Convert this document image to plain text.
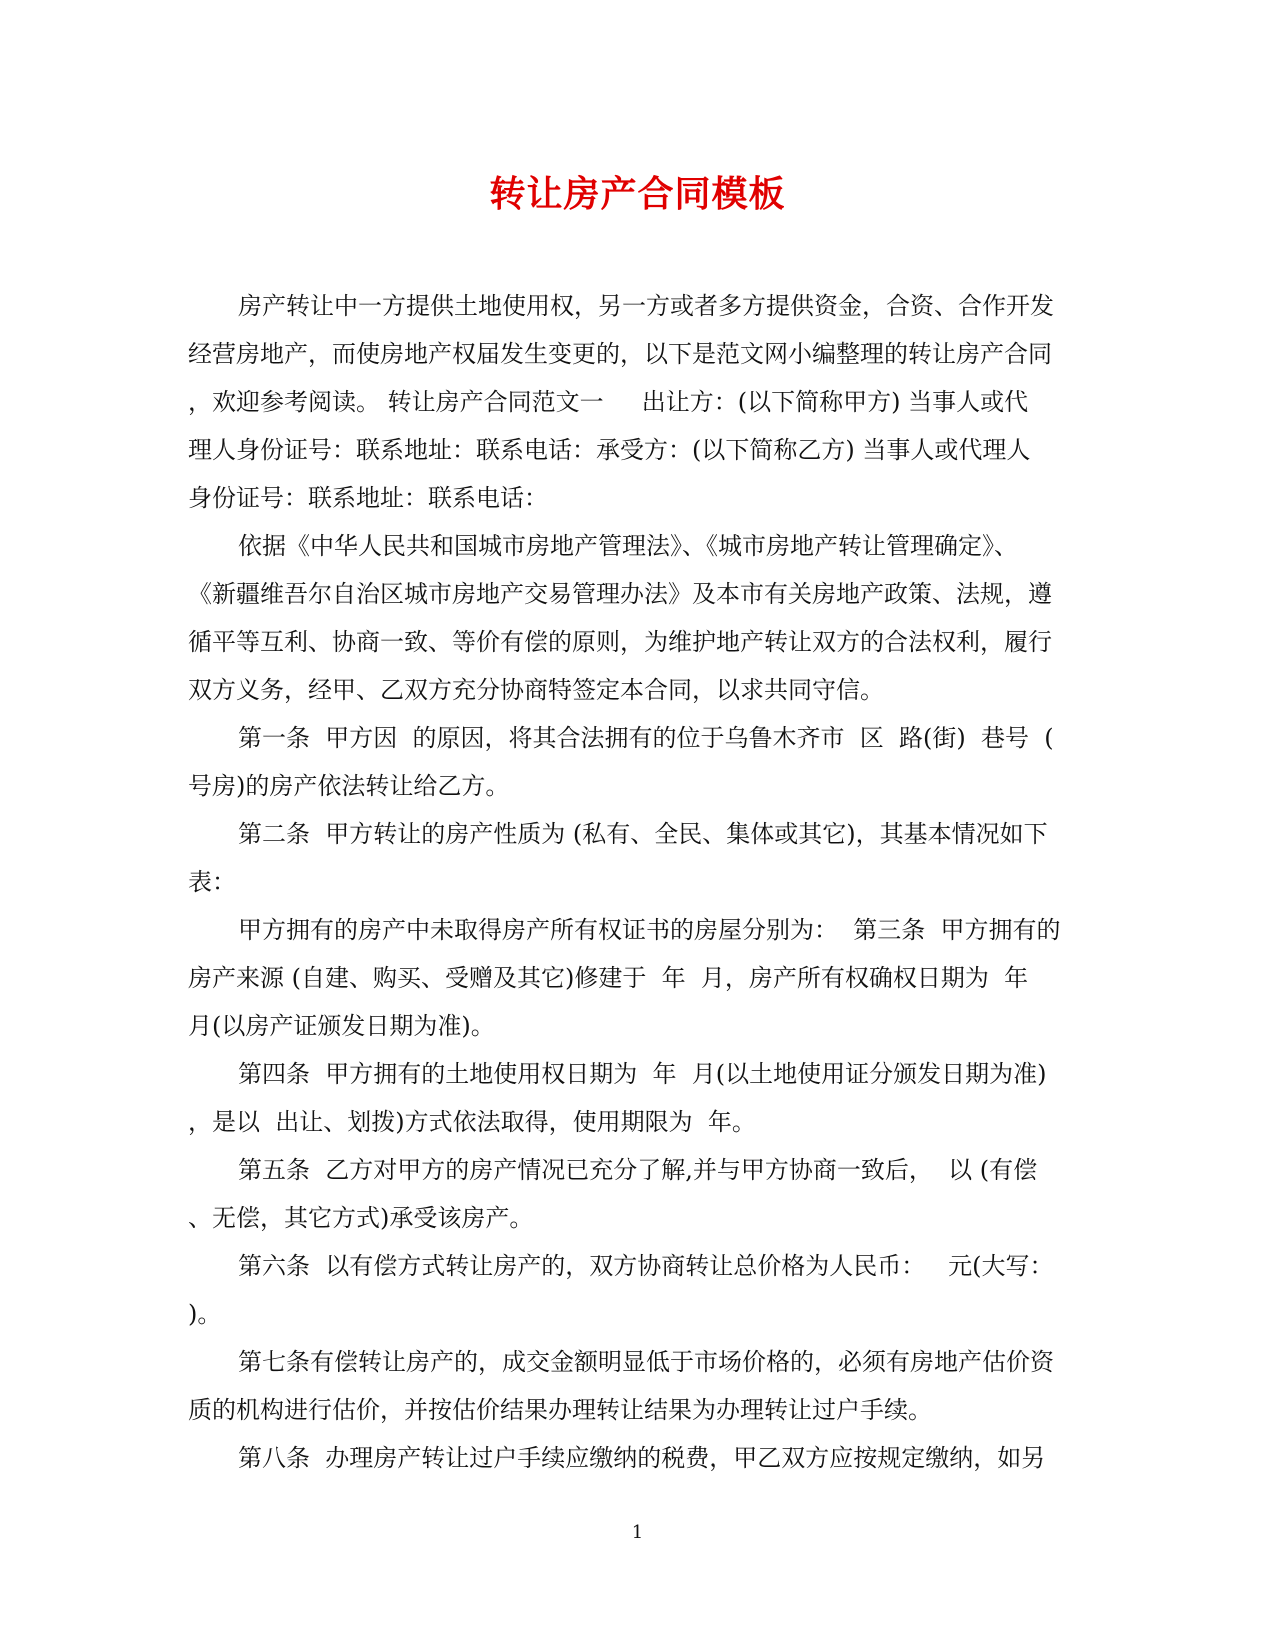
转让房产合同模板
房产转让中一方提供土地使用权，另一方或者多方提供资金，合资、合作开发
经营房地产，而使房地产权届发生变更的，以下是范文网小编整理的转让房产合同
，欢迎参考阅读。 转让房产合同范文一     出让方：(以下简称甲方) 当事人或代
理人身份证号：联系地址：联系电话：承受方：(以下简称乙方) 当事人或代理人
身份证号：联系地址：联系电话：
依据《中华人民共和国城市房地产管理法》、《城市房地产转让管理确定》、
《新疆维吾尔自治区城市房地产交易管理办法》及本市有关房地产政策、法规，遵
循平等互利、协商一致、等价有偿的原则，为维护地产转让双方的合法权利，履行
双方义务，经甲、乙双方充分协商特签定本合同，以求共同守信。
第一条  甲方因  的原因，将其合法拥有的位于乌鲁木齐市  区  路(街)  巷号  (
号房)的房产依法转让给乙方。
第二条  甲方转让的房产性质为 (私有、全民、集体或其它)，其基本情况如下
表：
甲方拥有的房产中未取得房产所有权证书的房屋分别为：  第三条  甲方拥有的
房产来源 (自建、购买、受赠及其它)修建于  年  月，房产所有权确权日期为  年
月(以房产证颁发日期为准)。
第四条  甲方拥有的土地使用权日期为  年  月(以土地使用证分颁发日期为准)
，是以  出让、划拨)方式依法取得，使用期限为  年。
第五条  乙方对甲方的房产情况已充分了解,并与甲方协商一致后，  以 (有偿
、无偿，其它方式)承受该房产。
第六条  以有偿方式转让房产的，双方协商转让总价格为人民币：   元(大写：
)。
第七条有偿转让房产的，成交金额明显低于市场价格的，必须有房地产估价资
质的机构进行估价，并按估价结果办理转让结果为办理转让过户手续。
第八条  办理房产转让过户手续应缴纳的税费，甲乙双方应按规定缴纳，如另
1
